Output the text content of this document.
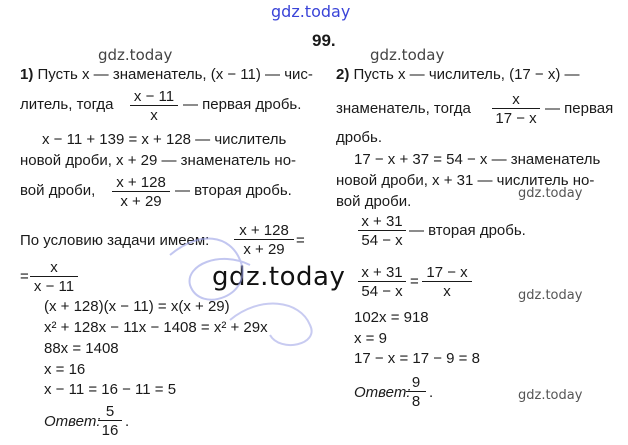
gdz.today
gdz.today	gdz.today
gdz.today
gdz.today
gdz.today
gdz.today
99.
1) Пусть x — знаменатель, (x − 11) — чис-
литель, тогда $\frac{x - 11}{x}$ — первая дробь.
x − 11 + 139 = x + 128 — числитель
новой дроби, x + 29 — знаменатель но-
вой дроби, $\frac{x + 128}{x + 29}$ — вторая дробь.
По условию задачи имеем: $\frac{x + 128}{x + 29}$ =
= $\frac{x}{x - 11}$
(x + 128)(x − 11) = x(x + 29)
x² + 128x − 11x − 1408 = x² + 29x
88x = 1408
x = 16
x − 11 = 16 − 11 = 5
Ответ:
$\frac{5}{16}$ .
2) Пусть x — числитель, (17 − x) —
знаменатель, тогда $\frac{x}{17 - x}$ — первая
дробь.
17 − x + 37 = 54 − x — знаменатель
новой дроби, x + 31 — числитель но-
вой дроби.
$\frac{x + 31}{54 - x}$ — вторая дробь.
$\frac{x + 31}{54 - x} = \frac{17 - x}{x}$
102x = 918
x = 9
17 − x = 17 − 9 = 8
Ответ:
$\frac{9}{8}$ .
